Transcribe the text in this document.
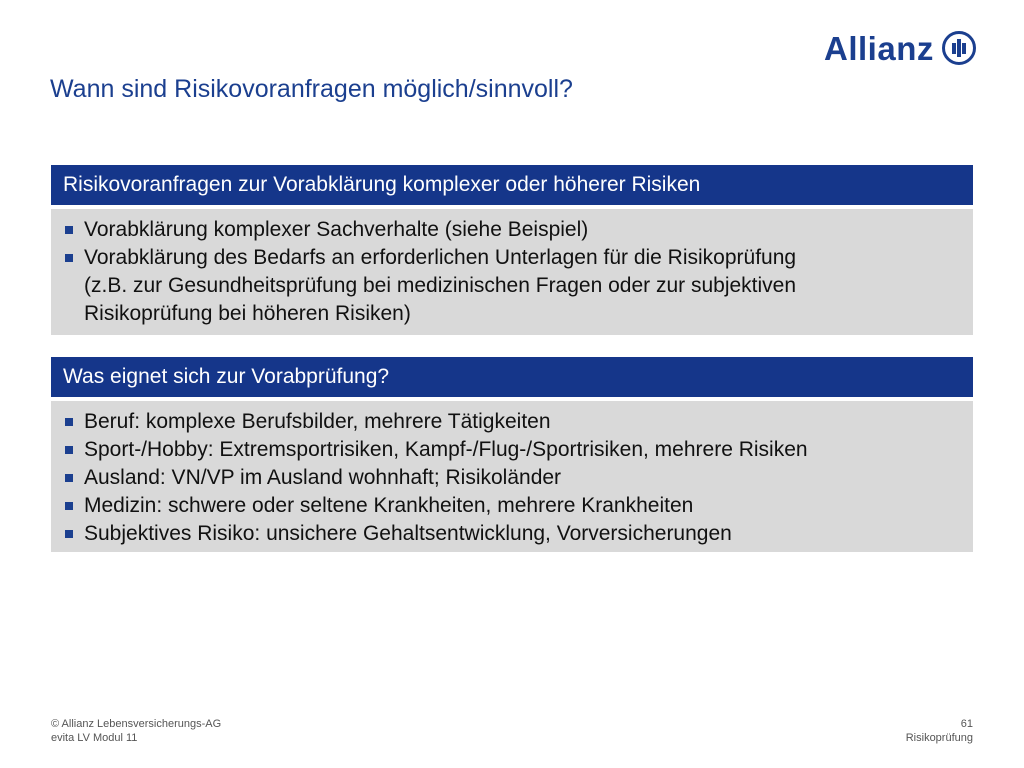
Allianz
Wann sind Risikovoranfragen möglich/sinnvoll?
Risikovoranfragen zur Vorabklärung komplexer oder höherer Risiken
Vorabklärung komplexer Sachverhalte (siehe Beispiel)
Vorabklärung des Bedarfs an erforderlichen Unterlagen für die Risikoprüfung
(z.B. zur Gesundheitsprüfung bei medizinischen Fragen oder zur subjektiven
Risikoprüfung bei höheren Risiken)
Was eignet sich zur Vorabprüfung?
Beruf: komplexe Berufsbilder, mehrere Tätigkeiten
Sport-/Hobby: Extremsportrisiken, Kampf-/Flug-/Sportrisiken, mehrere Risiken
Ausland: VN/VP im Ausland wohnhaft; Risikoländer
Medizin: schwere oder seltene Krankheiten, mehrere Krankheiten
Subjektives Risiko: unsichere Gehaltsentwicklung, Vorversicherungen
© Allianz Lebensversicherungs-AG
evita LV Modul 11
61
Risikoprüfung
